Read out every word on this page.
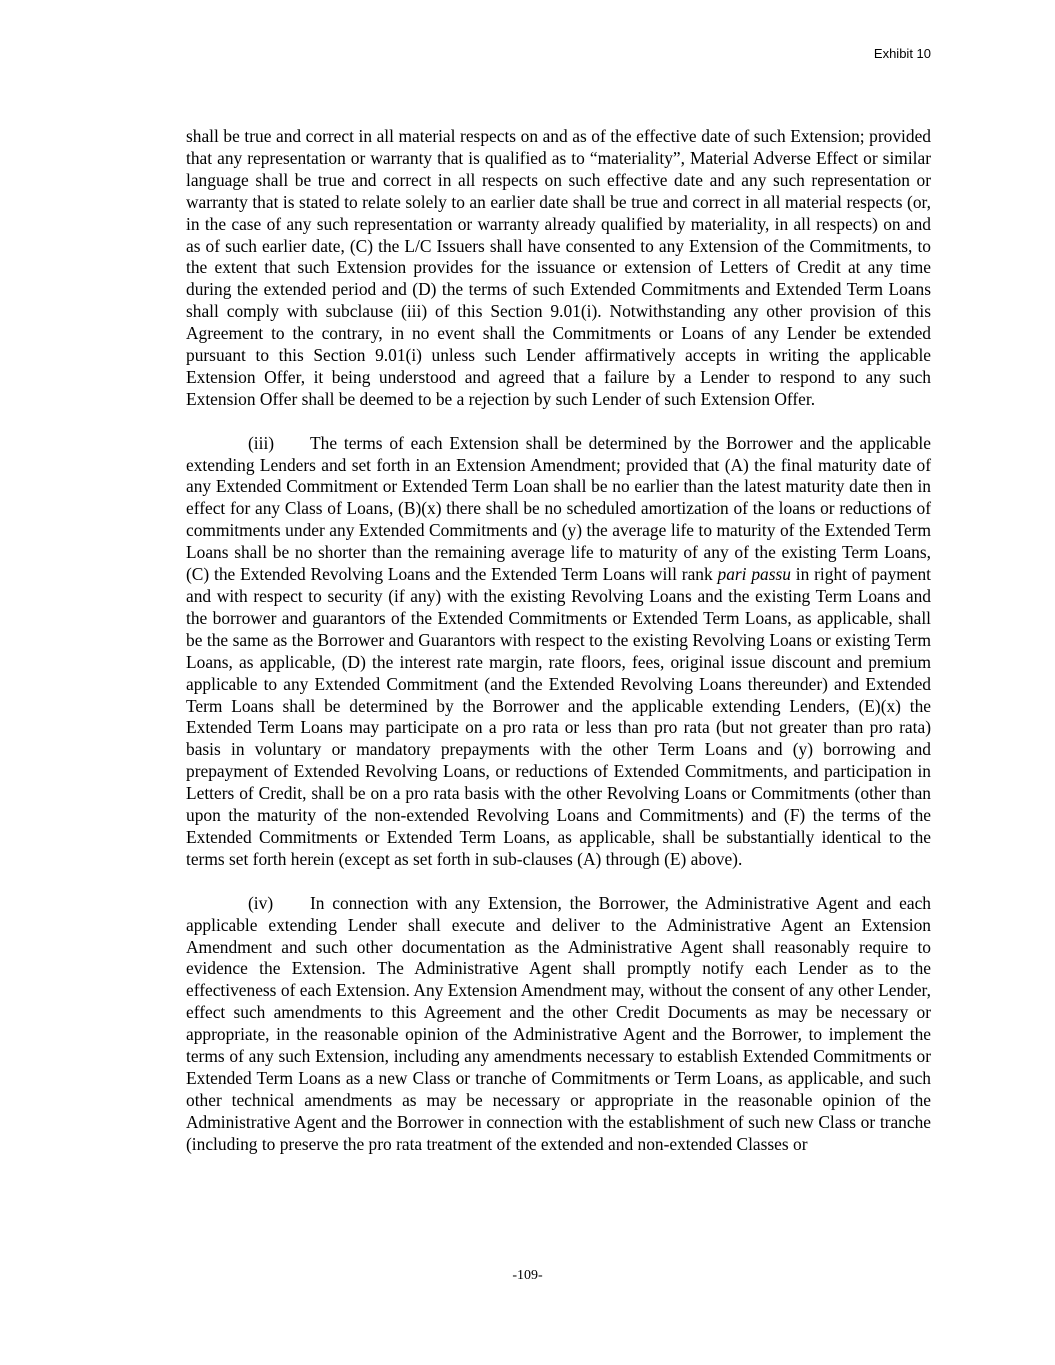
Exhibit 10

shall be true and correct in all material respects on and as of the effective date of such Extension; provided that any representation or warranty that is qualified as to “materiality”, Material Adverse Effect or similar language shall be true and correct in all respects on such effective date and any such representation or warranty that is stated to relate solely to an earlier date shall be true and correct in all material respects (or, in the case of any such representation or warranty already qualified by materiality, in all respects) on and as of such earlier date, (C) the L/C Issuers shall have consented to any Extension of the Commitments, to the extent that such Extension provides for the issuance or extension of Letters of Credit at any time during the extended period and (D) the terms of such Extended Commitments and Extended Term Loans shall comply with subclause (iii) of this Section 9.01(i). Notwithstanding any other provision of this Agreement to the contrary, in no event shall the Commitments or Loans of any Lender be extended pursuant to this Section 9.01(i) unless such Lender affirmatively accepts in writing the applicable Extension Offer, it being understood and agreed that a failure by a Lender to respond to any such Extension Offer shall be deemed to be a rejection by such Lender of such Extension Offer.

(iii) The terms of each Extension shall be determined by the Borrower and the applicable extending Lenders and set forth in an Extension Amendment; provided that (A) the final maturity date of any Extended Commitment or Extended Term Loan shall be no earlier than the latest maturity date then in effect for any Class of Loans, (B)(x) there shall be no scheduled amortization of the loans or reductions of commitments under any Extended Commitments and (y) the average life to maturity of the Extended Term Loans shall be no shorter than the remaining average life to maturity of any of the existing Term Loans, (C) the Extended Revolving Loans and the Extended Term Loans will rank pari passu in right of payment and with respect to security (if any) with the existing Revolving Loans and the existing Term Loans and the borrower and guarantors of the Extended Commitments or Extended Term Loans, as applicable, shall be the same as the Borrower and Guarantors with respect to the existing Revolving Loans or existing Term Loans, as applicable, (D) the interest rate margin, rate floors, fees, original issue discount and premium applicable to any Extended Commitment (and the Extended Revolving Loans thereunder) and Extended Term Loans shall be determined by the Borrower and the applicable extending Lenders, (E)(x) the Extended Term Loans may participate on a pro rata or less than pro rata (but not greater than pro rata) basis in voluntary or mandatory prepayments with the other Term Loans and (y) borrowing and prepayment of Extended Revolving Loans, or reductions of Extended Commitments, and participation in Letters of Credit, shall be on a pro rata basis with the other Revolving Loans or Commitments (other than upon the maturity of the non-extended Revolving Loans and Commitments) and (F) the terms of the Extended Commitments or Extended Term Loans, as applicable, shall be substantially identical to the terms set forth herein (except as set forth in sub-clauses (A) through (E) above).

(iv) In connection with any Extension, the Borrower, the Administrative Agent and each applicable extending Lender shall execute and deliver to the Administrative Agent an Extension Amendment and such other documentation as the Administrative Agent shall reasonably require to evidence the Extension. The Administrative Agent shall promptly notify each Lender as to the effectiveness of each Extension. Any Extension Amendment may, without the consent of any other Lender, effect such amendments to this Agreement and the other Credit Documents as may be necessary or appropriate, in the reasonable opinion of the Administrative Agent and the Borrower, to implement the terms of any such Extension, including any amendments necessary to establish Extended Commitments or Extended Term Loans as a new Class or tranche of Commitments or Term Loans, as applicable, and such other technical amendments as may be necessary or appropriate in the reasonable opinion of the Administrative Agent and the Borrower in connection with the establishment of such new Class or tranche (including to preserve the pro rata treatment of the extended and non-extended Classes or

-109-
